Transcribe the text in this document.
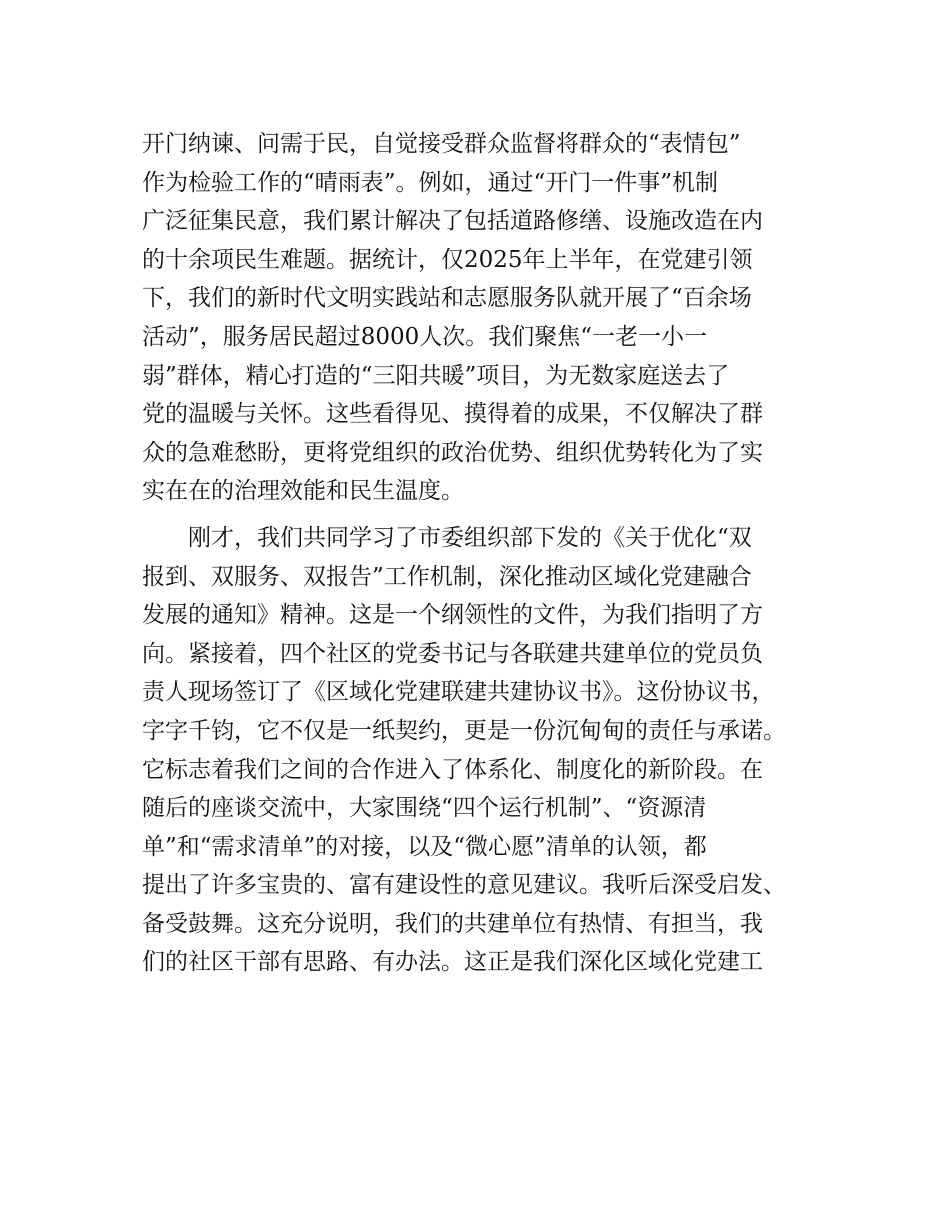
开门纳谏、问需于民，自觉接受群众监督将群众的“表情包”
作为检验工作的“晴雨表”。例如，通过“开门一件事”机制
广泛征集民意，我们累计解决了包括道路修缮、设施改造在内
的十余项民生难题。据统计，仅2025年上半年，在党建引领
下，我们的新时代文明实践站和志愿服务队就开展了“百余场
活动”，服务居民超过8000人次。我们聚焦“一老一小一
弱”群体，精心打造的“三阳共暖”项目，为无数家庭送去了
党的温暖与关怀。这些看得见、摸得着的成果，不仅解决了群
众的急难愁盼，更将党组织的政治优势、组织优势转化为了实
实在在的治理效能和民生温度。
刚才，我们共同学习了市委组织部下发的《关于优化“双
报到、双服务、双报告”工作机制，深化推动区域化党建融合
发展的通知》精神。这是一个纲领性的文件，为我们指明了方
向。紧接着，四个社区的党委书记与各联建共建单位的党员负
责人现场签订了《区域化党建联建共建协议书》。这份协议书，
字字千钧，它不仅是一纸契约，更是一份沉甸甸的责任与承诺。
它标志着我们之间的合作进入了体系化、制度化的新阶段。在
随后的座谈交流中，大家围绕“四个运行机制”、“资源清
单”和“需求清单”的对接，以及“微心愿”清单的认领，都
提出了许多宝贵的、富有建设性的意见建议。我听后深受启发、
备受鼓舞。这充分说明，我们的共建单位有热情、有担当，我
们的社区干部有思路、有办法。这正是我们深化区域化党建工
